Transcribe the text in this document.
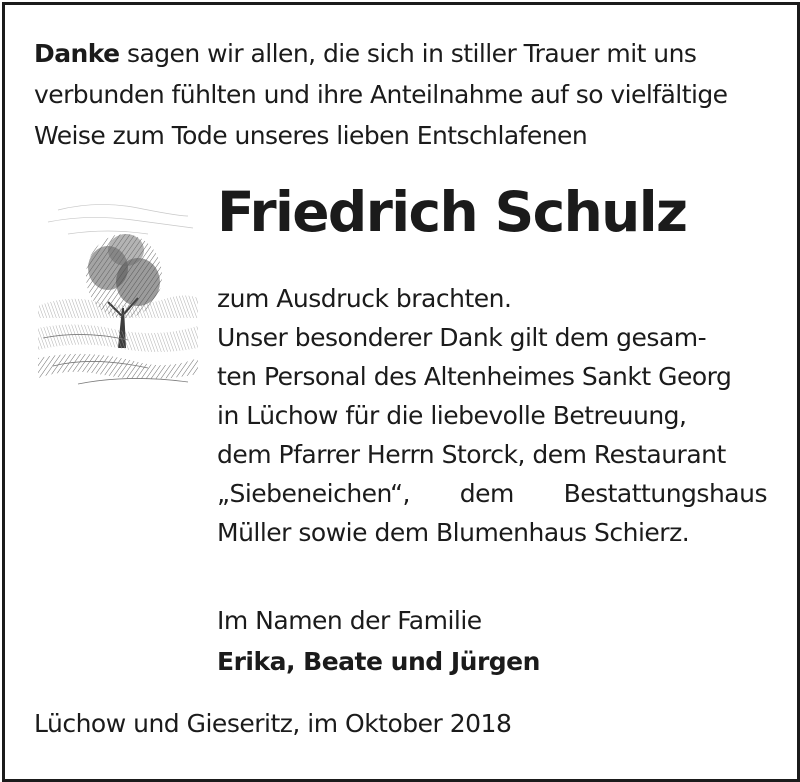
Danke sagen wir allen, die sich in stiller Trauer mit uns
verbunden fühlten und ihre Anteilnahme auf so vielfältige
Weise zum Tode unseres lieben Entschlafenen
Friedrich Schulz
zum Ausdruck brachten.
Unser besonderer Dank gilt dem gesam-
ten Personal des Altenheimes Sankt Georg
in Lüchow für die liebevolle Betreuung,
dem Pfarrer Herrn Storck, dem Restaurant
„Siebeneichen“, dem Bestattungshaus
Müller sowie dem Blumenhaus Schierz.
Im Namen der Familie
Erika, Beate und Jürgen
Lüchow und Gieseritz, im Oktober 2018
